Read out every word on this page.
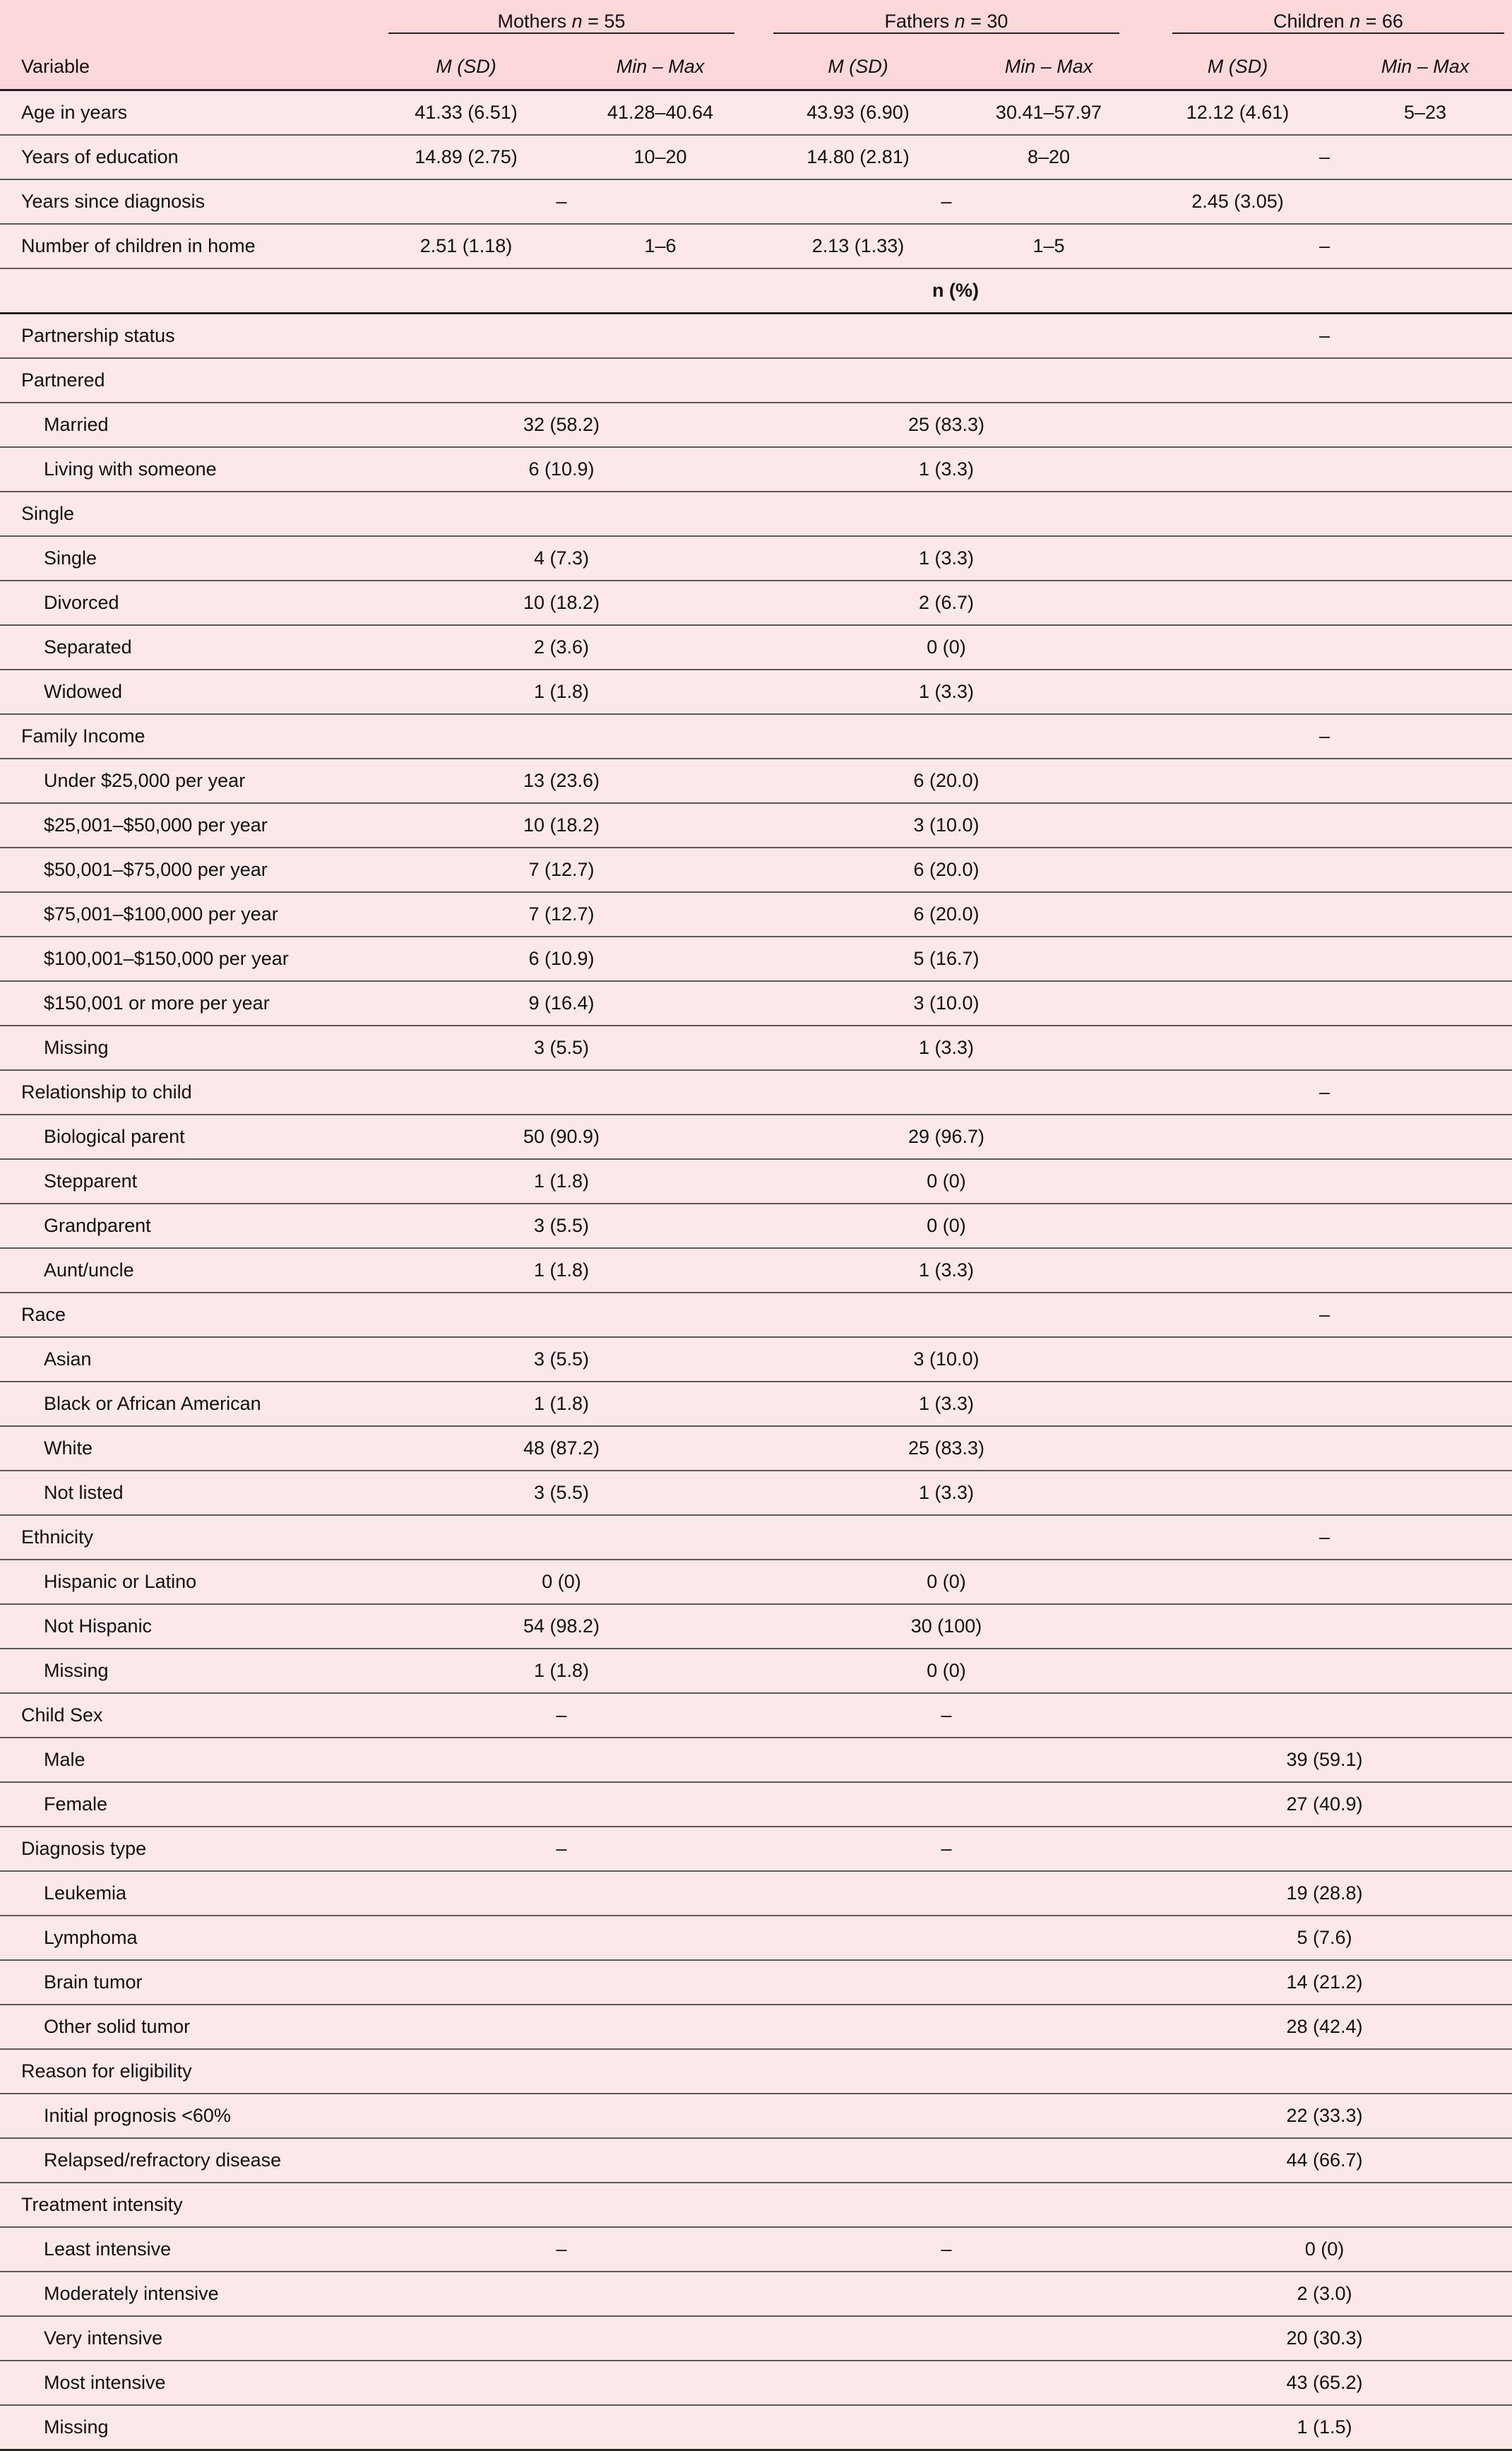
	Mothers n = 55		Fathers n = 30		Children n = 66	

Variable	M (SD)	Min – Max	M (SD)	Min – Max	M (SD)	Min – Max
Age in years	41.33 (6.51)	41.28–40.64	43.93 (6.90)	30.41–57.97	12.12 (4.61)	5–23
Years of education	14.89 (2.75)	10–20	14.80 (2.81)	8–20	–	
Years since diagnosis	–		–		2.45 (3.05)	
Number of children in home	2.51 (1.18)	1–6	2.13 (1.33)	1–5	–	
	n (%)					
Partnership status					–	
Partnered						
Married	32 (58.2)		25 (83.3)			
Living with someone	6 (10.9)		1 (3.3)			
Single						
Single	4 (7.3)		1 (3.3)			
Divorced	10 (18.2)		2 (6.7)			
Separated	2 (3.6)		0 (0)			
Widowed	1 (1.8)		1 (3.3)			
Family Income					–	
Under $25,000 per year	13 (23.6)		6 (20.0)			
$25,001–$50,000 per year	10 (18.2)		3 (10.0)			
$50,001–$75,000 per year	7 (12.7)		6 (20.0)			
$75,001–$100,000 per year	7 (12.7)		6 (20.0)			
$100,001–$150,000 per year	6 (10.9)		5 (16.7)			
$150,001 or more per year	9 (16.4)		3 (10.0)			
Missing	3 (5.5)		1 (3.3)			
Relationship to child					–	
Biological parent	50 (90.9)		29 (96.7)			
Stepparent	1 (1.8)		0 (0)			
Grandparent	3 (5.5)		0 (0)			
Aunt/uncle	1 (1.8)		1 (3.3)			
Race					–	
Asian	3 (5.5)		3 (10.0)			
Black or African American	1 (1.8)		1 (3.3)			
White	48 (87.2)		25 (83.3)			
Not listed	3 (5.5)		1 (3.3)			
Ethnicity					–	
Hispanic or Latino	0 (0)		0 (0)			
Not Hispanic	54 (98.2)		30 (100)			
Missing	1 (1.8)		0 (0)			
Child Sex	–		–			
Male					39 (59.1)	
Female					27 (40.9)	
Diagnosis type	–		–			
Leukemia					19 (28.8)	
Lymphoma					5 (7.6)	
Brain tumor					14 (21.2)	
Other solid tumor					28 (42.4)	
Reason for eligibility						
Initial prognosis <60%					22 (33.3)	
Relapsed/refractory disease					44 (66.7)	
Treatment intensity						
Least intensive	–		–		0 (0)	
Moderately intensive					2 (3.0)	
Very intensive					20 (30.3)	
Most intensive					43 (65.2)	
Missing					1 (1.5)	
